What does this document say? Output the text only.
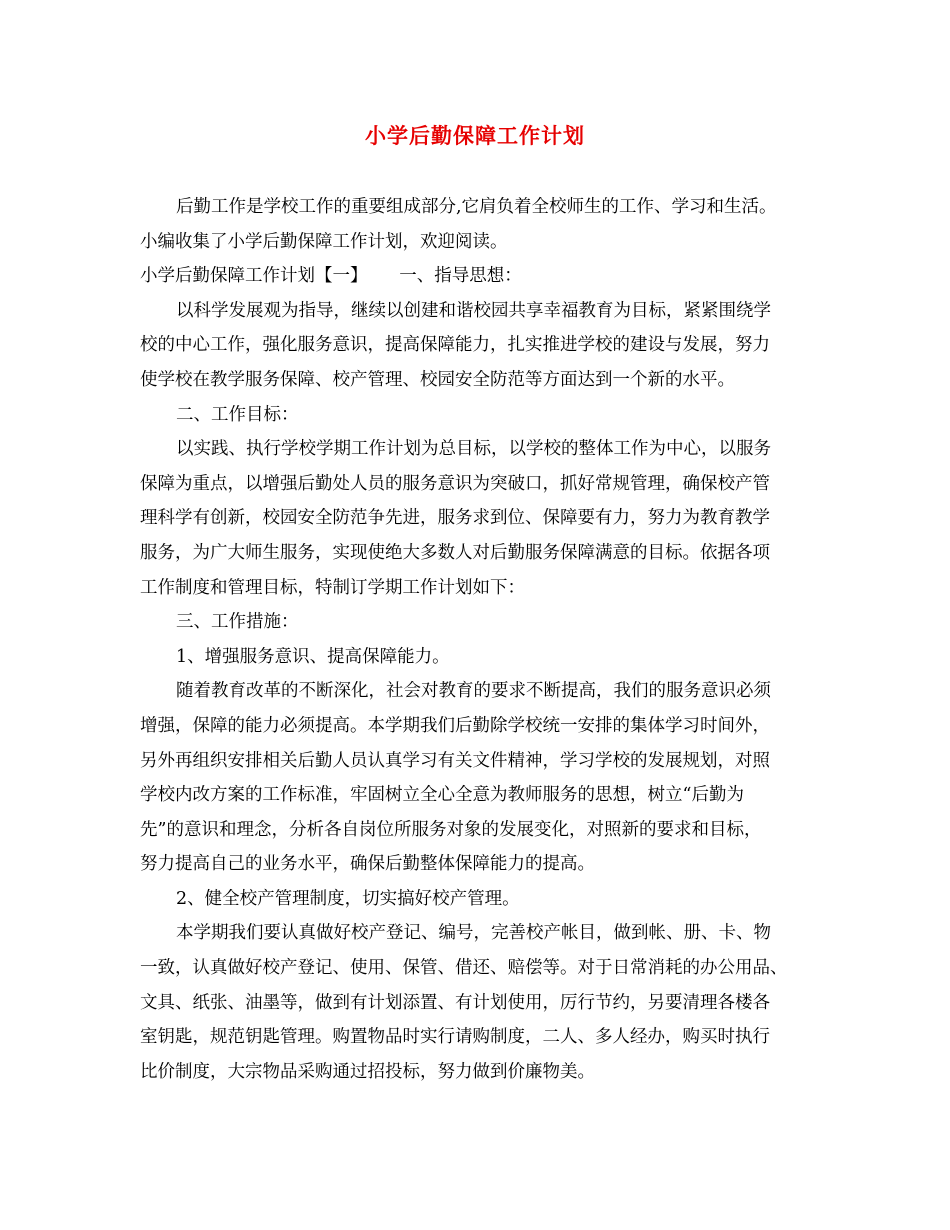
小学后勤保障工作计划
后勤工作是学校工作的重要组成部分,它肩负着全校师生的工作、学习和生活。
小编收集了小学后勤保障工作计划，欢迎阅读。
小学后勤保障工作计划【一】　　 一、指导思想：
以科学发展观为指导，继续以创建和谐校园共享幸福教育为目标，紧紧围绕学
校的中心工作，强化服务意识，提高保障能力，扎实推进学校的建设与发展，努力
使学校在教学服务保障、校产管理、校园安全防范等方面达到一个新的水平。
二、工作目标：
以实践、执行学校学期工作计划为总目标，以学校的整体工作为中心，以服务
保障为重点，以增强后勤处人员的服务意识为突破口，抓好常规管理，确保校产管
理科学有创新，校园安全防范争先进，服务求到位、保障要有力，努力为教育教学
服务，为广大师生服务，实现使绝大多数人对后勤服务保障满意的目标。依据各项
工作制度和管理目标，特制订学期工作计划如下：
三、工作措施：
1、增强服务意识、提高保障能力。
随着教育改革的不断深化，社会对教育的要求不断提高，我们的服务意识必须
增强，保障的能力必须提高。本学期我们后勤除学校统一安排的集体学习时间外，
另外再组织安排相关后勤人员认真学习有关文件精神，学习学校的发展规划，对照
学校内改方案的工作标准，牢固树立全心全意为教师服务的思想，树立“后勤为
先”的意识和理念，分析各自岗位所服务对象的发展变化，对照新的要求和目标，
努力提高自己的业务水平，确保后勤整体保障能力的提高。
2、健全校产管理制度，切实搞好校产管理。
本学期我们要认真做好校产登记、编号，完善校产帐目，做到帐、册、卡、物
一致，认真做好校产登记、使用、保管、借还、赔偿等。对于日常消耗的办公用品、
文具、纸张、油墨等，做到有计划添置、有计划使用，厉行节约，另要清理各楼各
室钥匙，规范钥匙管理。购置物品时实行请购制度，二人、多人经办，购买时执行
比价制度，大宗物品采购通过招投标，努力做到价廉物美。
